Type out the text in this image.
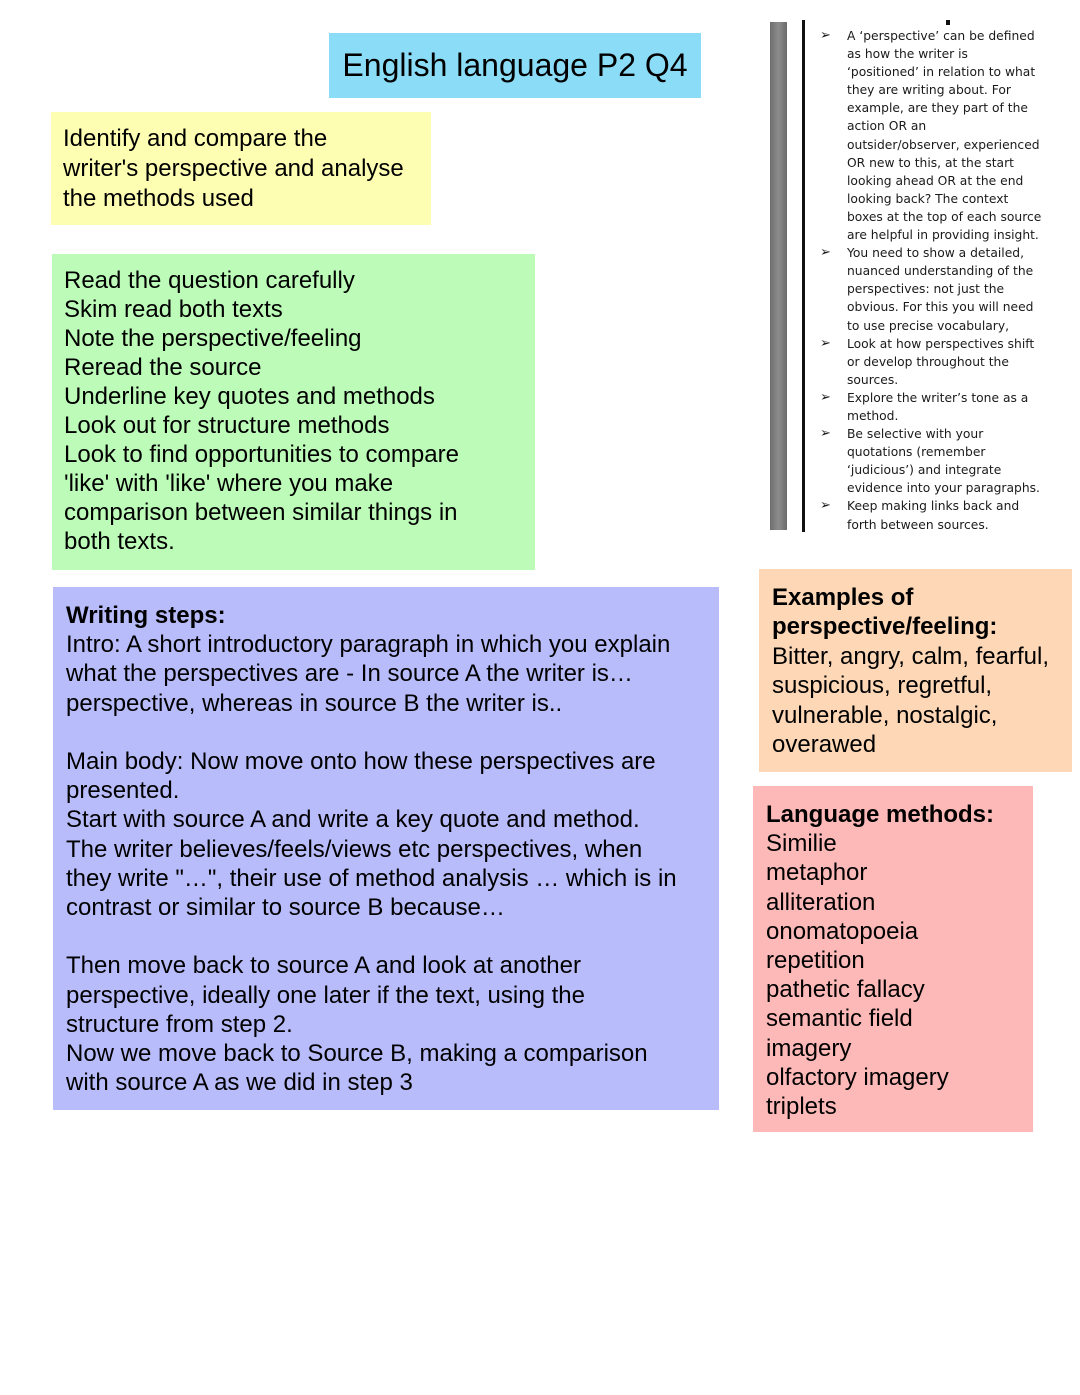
English language P2 Q4
Identify and compare the
writer's perspective and analyse
the methods used
Read the question carefully
Skim read both texts
Note the perspective/feeling
Reread the source
Underline key quotes and methods
Look out for structure methods
Look to find opportunities to compare
'like' with 'like' where you make
comparison between similar things in
both texts.
Writing steps:
Intro: A short introductory paragraph in which you explain
what the perspectives are - In source A the writer is…
perspective, whereas in source B the writer is..
Main body: Now move onto how these perspectives are
presented.
Start with source A and write a key quote and method.
The writer believes/feels/views etc perspectives, when
they write "…", their use of method analysis … which is in
contrast or similar to source B because…
Then move back to source A and look at another
perspective, ideally one later if the text, using the
structure from step 2.
Now we move back to Source B, making a comparison
with source A as we did in step 3
Examples of
perspective/feeling:
Bitter, angry, calm, fearful,
suspicious, regretful,
vulnerable, nostalgic,
overawed
Language methods:
Similie
metaphor
alliteration
onomatopoeia
repetition
pathetic fallacy
semantic field
imagery
olfactory imagery
triplets
➢ A ‘perspective’ can be defined
as how the writer is
‘positioned’ in relation to what
they are writing about. For
example, are they part of the
action OR an
outsider/observer, experienced
OR new to this, at the start
looking ahead OR at the end
looking back? The context
boxes at the top of each source
are helpful in providing insight.
➢ You need to show a detailed,
nuanced understanding of the
perspectives: not just the
obvious. For this you will need
to use precise vocabulary,
➢ Look at how perspectives shift
or develop throughout the
sources.
➢ Explore the writer’s tone as a
method.
➢ Be selective with your
quotations (remember
‘judicious’) and integrate
evidence into your paragraphs.
➢ Keep making links back and
forth between sources.
